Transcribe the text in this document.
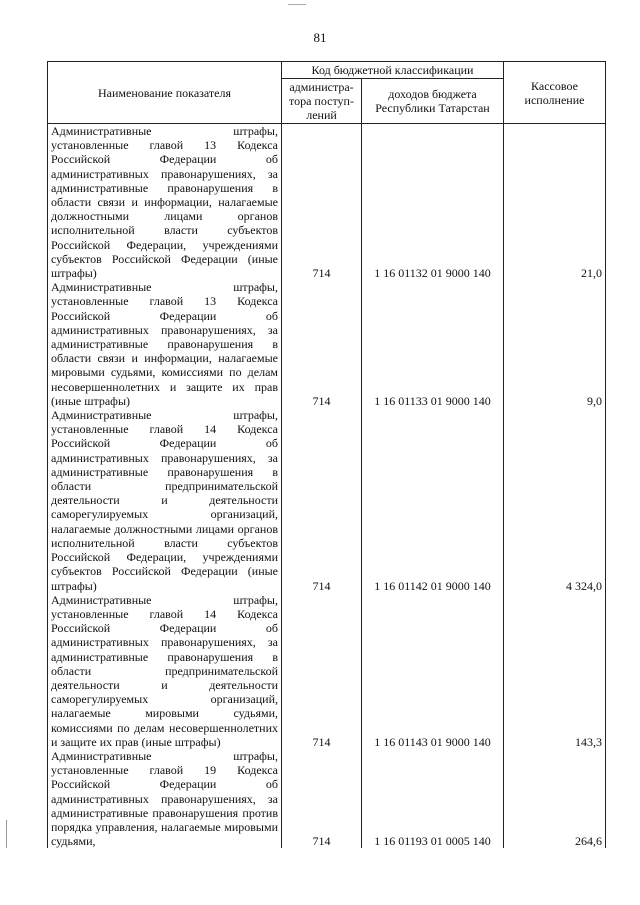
81
Наименование показателя	Код бюджетной классификации		Кассовое исполнение
	администра-тора поступ-лений	доходов бюджета Республики Татарстан	
Административные штрафы, установленные главой 13 Кодекса Российской Федерации об административных правонарушениях, за административные правонарушения в области связи и информации, налагаемые должностными лицами органов исполнительной власти субъектов Российской Федерации, учреждениями субъектов Российской Федерации (иные штрафы)	714	1 16 01132 01 9000 140	21,0
Административные штрафы, установленные главой 13 Кодекса Российской Федерации об административных правонарушениях, за административные правонарушения в области связи и информации, налагаемые мировыми судьями, комиссиями по делам несовершеннолетних и защите их прав (иные штрафы)	714	1 16 01133 01 9000 140	9,0
Административные штрафы, установленные главой 14 Кодекса Российской Федерации об административных правонарушениях, за административные правонарушения в области предпринимательской деятельности и деятельности саморегулируемых организаций, налагаемые должностными лицами органов исполнительной власти субъектов Российской Федерации, учреждениями субъектов Российской Федерации (иные штрафы)	714	1 16 01142 01 9000 140	4 324,0
Административные штрафы, установленные главой 14 Кодекса Российской Федерации об административных правонарушениях, за административные правонарушения в области предпринимательской деятельности и деятельности саморегулируемых организаций, налагаемые мировыми судьями, комиссиями по делам несовершеннолетних и защите их прав (иные штрафы)	714	1 16 01143 01 9000 140	143,3
Административные штрафы, установленные главой 19 Кодекса Российской Федерации об административных правонарушениях, за административные правонарушения против порядка управления, налагаемые мировыми судьями,	714	1 16 01193 01 0005 140	264,6
